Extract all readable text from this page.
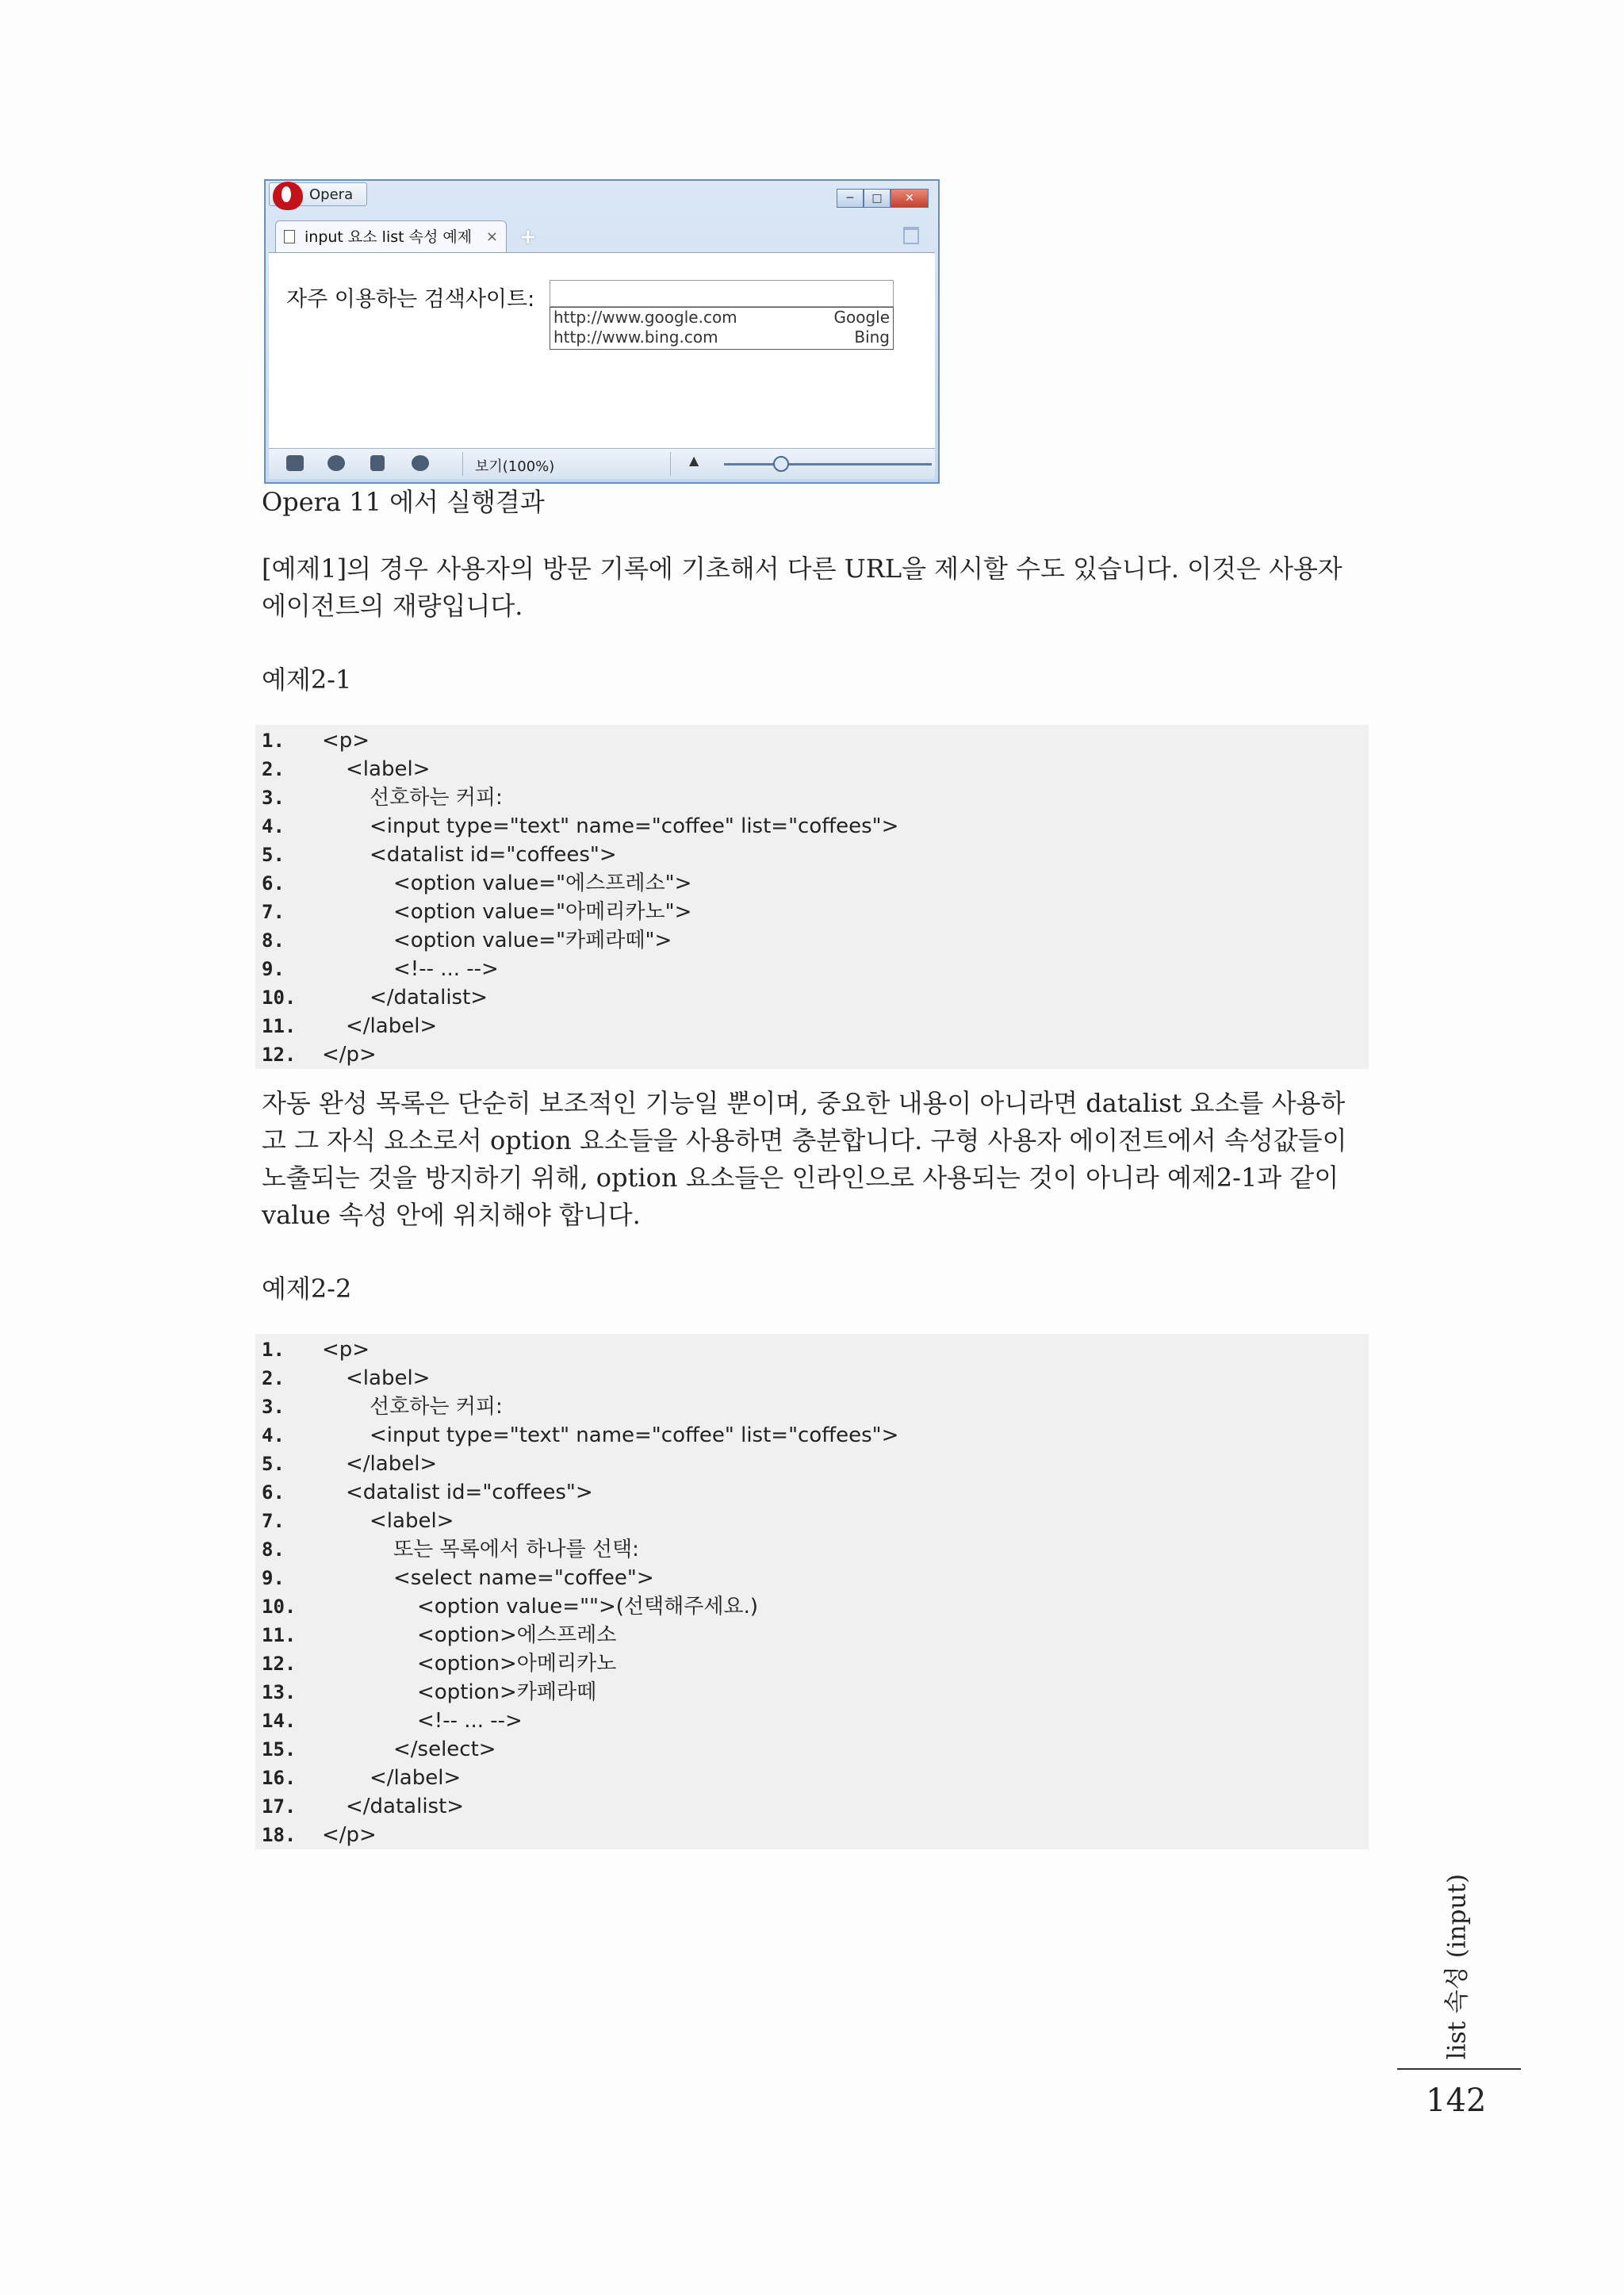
Opera	─	□	✕
input 요소 list 속성 예제 × +
자주 이용하는 검색사이트:
http://www.google.com	Google
http://www.bing.com	Bing
보기(100%)	▲
Opera 11 에서 실행결과

[예제1]의 경우 사용자의 방문 기록에 기초해서 다른 URL을 제시할 수도 있습니다. 이것은 사용자 에이전트의 재량입니다.

예제2-1
1.	<p>
2.	<label>
3.	선호하는 커피:
4.	<input type="text" name="coffee" list="coffees">
5.	<datalist id="coffees">
6.	<option value="에스프레소">
7.	<option value="아메리카노">
8.	<option value="카페라떼">
9.	<!-- ... -->
10.	</datalist>
11.	</label>
12.	</p>

자동 완성 목록은 단순히 보조적인 기능일 뿐이며, 중요한 내용이 아니라면 datalist 요소를 사용하고 그 자식 요소로서 option 요소들을 사용하면 충분합니다. 구형 사용자 에이전트에서 속성값들이 노출되는 것을 방지하기 위해, option 요소들은 인라인으로 사용되는 것이 아니라 예제2-1과 같이 value 속성 안에 위치해야 합니다.

예제2-2
1.	<p>
2.	<label>
3.	선호하는 커피:
4.	<input type="text" name="coffee" list="coffees">
5.	</label>
6.	<datalist id="coffees">
7.	<label>
8.	또는 목록에서 하나를 선택:
9.	<select name="coffee">
10.	<option value="">(선택해주세요.)
11.	<option>에스프레소
12.	<option>아메리카노
13.	<option>카페라떼
14.	<!-- ... -->
15.	</select>
16.	</label>
17.	</datalist>
18.	</p>
list 속성 (input)
142
